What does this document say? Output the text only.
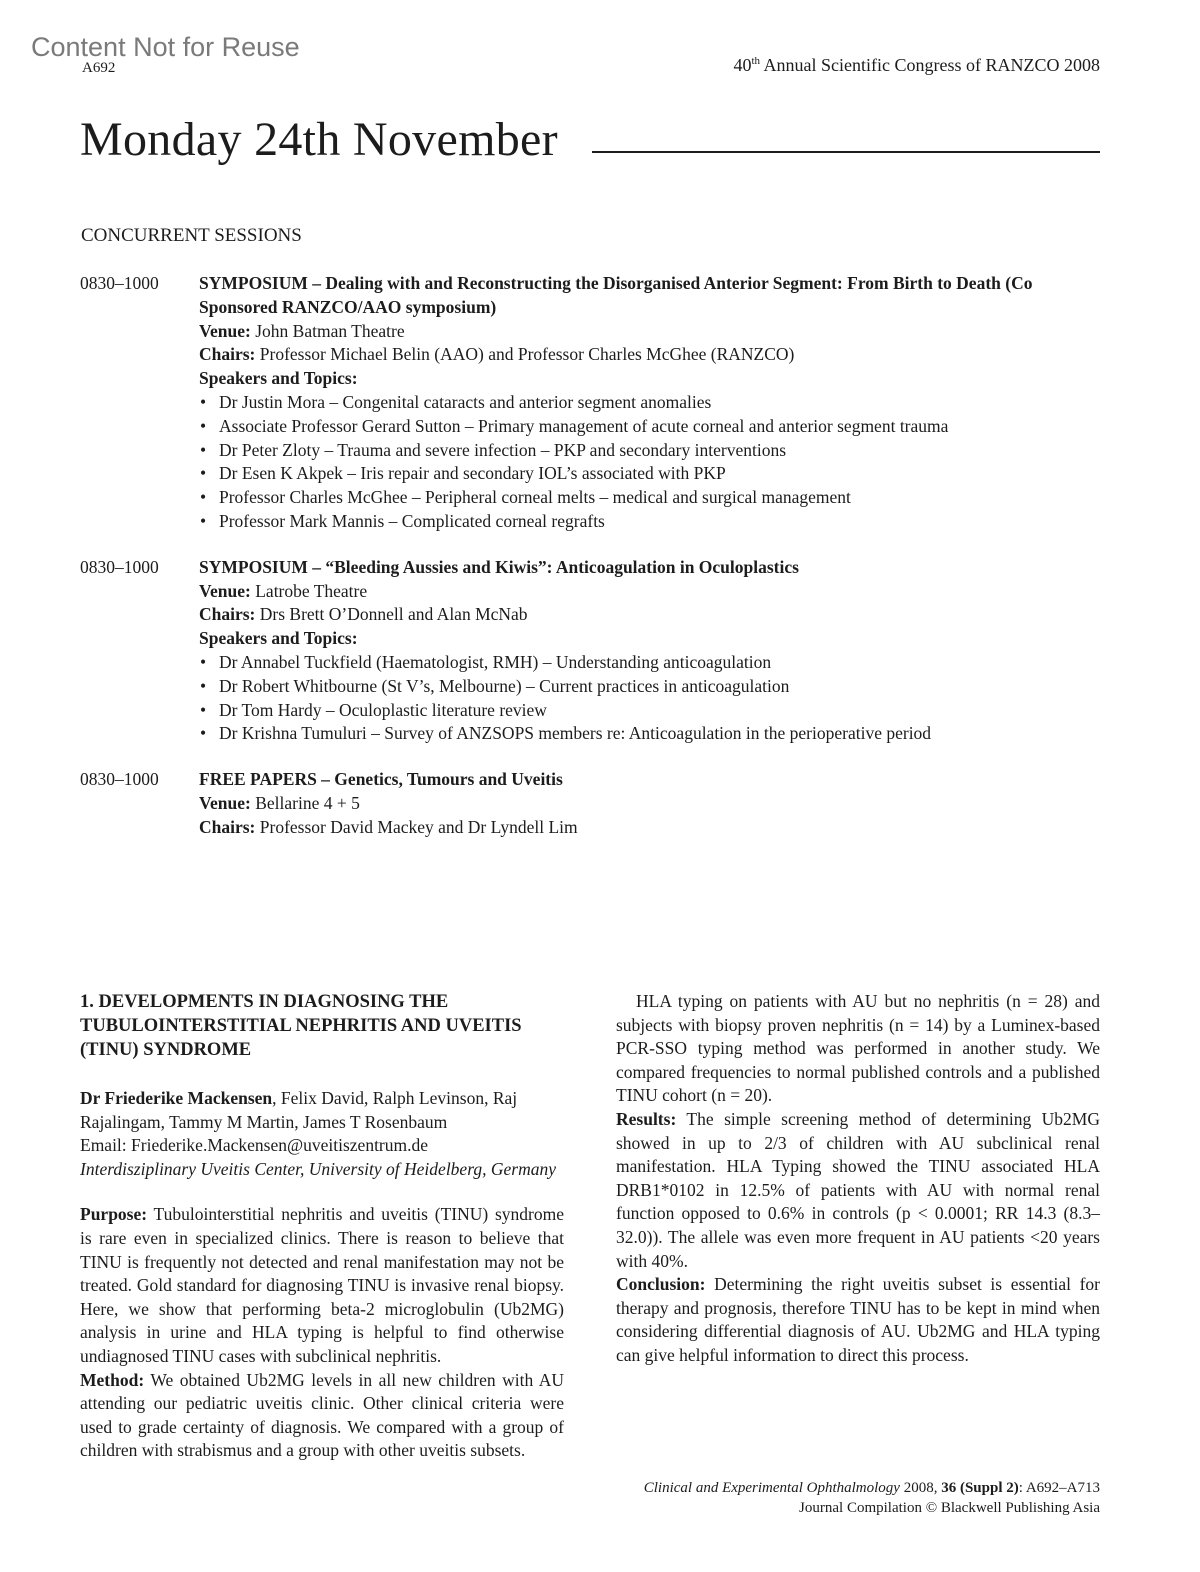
Content Not for Reuse
A692	40th Annual Scientific Congress of RANZCO 2008
Monday 24th November
CONCURRENT SESSIONS
0830–1000	SYMPOSIUM – Dealing with and Reconstructing the Disorganised Anterior Segment: From Birth to Death (Co Sponsored RANZCO/AAO symposium)
Venue: John Batman Theatre
Chairs: Professor Michael Belin (AAO) and Professor Charles McGhee (RANZCO)
Speakers and Topics:
• Dr Justin Mora – Congenital cataracts and anterior segment anomalies
• Associate Professor Gerard Sutton – Primary management of acute corneal and anterior segment trauma
• Dr Peter Zloty – Trauma and severe infection – PKP and secondary interventions
• Dr Esen K Akpek – Iris repair and secondary IOL’s associated with PKP
• Professor Charles McGhee – Peripheral corneal melts – medical and surgical management
• Professor Mark Mannis – Complicated corneal regrafts
0830–1000	SYMPOSIUM – “Bleeding Aussies and Kiwis”: Anticoagulation in Oculoplastics
Venue: Latrobe Theatre
Chairs: Drs Brett O’Donnell and Alan McNab
Speakers and Topics:
• Dr Annabel Tuckfield (Haematologist, RMH) – Understanding anticoagulation
• Dr Robert Whitbourne (St V’s, Melbourne) – Current practices in anticoagulation
• Dr Tom Hardy – Oculoplastic literature review
• Dr Krishna Tumuluri – Survey of ANZSOPS members re: Anticoagulation in the perioperative period
0830–1000	FREE PAPERS – Genetics, Tumours and Uveitis
Venue: Bellarine 4 + 5
Chairs: Professor David Mackey and Dr Lyndell Lim
1. DEVELOPMENTS IN DIAGNOSING THE TUBULOINTERSTITIAL NEPHRITIS AND UVEITIS (TINU) SYNDROME
Dr Friederike Mackensen, Felix David, Ralph Levinson, Raj Rajalingam, Tammy M Martin, James T Rosenbaum
Email: Friederike.Mackensen@uveitiszentrum.de
Interdisziplinary Uveitis Center, University of Heidelberg, Germany

Purpose: Tubulointerstitial nephritis and uveitis (TINU) syndrome is rare even in specialized clinics. There is reason to believe that TINU is frequently not detected and renal manifestation may not be treated. Gold standard for diagnosing TINU is invasive renal biopsy. Here, we show that performing beta-2 microglobulin (Ub2MG) analysis in urine and HLA typing is helpful to find otherwise undiagnosed TINU cases with subclinical nephritis.

Method: We obtained Ub2MG levels in all new children with AU attending our pediatric uveitis clinic. Other clinical criteria were used to grade certainty of diagnosis. We compared with a group of children with strabismus and a group with other uveitis subsets.

HLA typing on patients with AU but no nephritis (n = 28) and subjects with biopsy proven nephritis (n = 14) by a Luminex-based PCR-SSO typing method was performed in another study. We compared frequencies to normal published controls and a published TINU cohort (n = 20).

Results: The simple screening method of determining Ub2MG showed in up to 2/3 of children with AU subclinical renal manifestation. HLA Typing showed the TINU associated HLA DRB1*0102 in 12.5% of patients with AU with normal renal function opposed to 0.6% in controls (p < 0.0001; RR 14.3 (8.3–32.0)). The allele was even more frequent in AU patients <20 years with 40%.

Conclusion: Determining the right uveitis subset is essential for therapy and prognosis, therefore TINU has to be kept in mind when considering differential diagnosis of AU. Ub2MG and HLA typing can give helpful information to direct this process.

Clinical and Experimental Ophthalmology 2008, 36 (Suppl 2): A692–A713
Journal Compilation © Blackwell Publishing Asia
